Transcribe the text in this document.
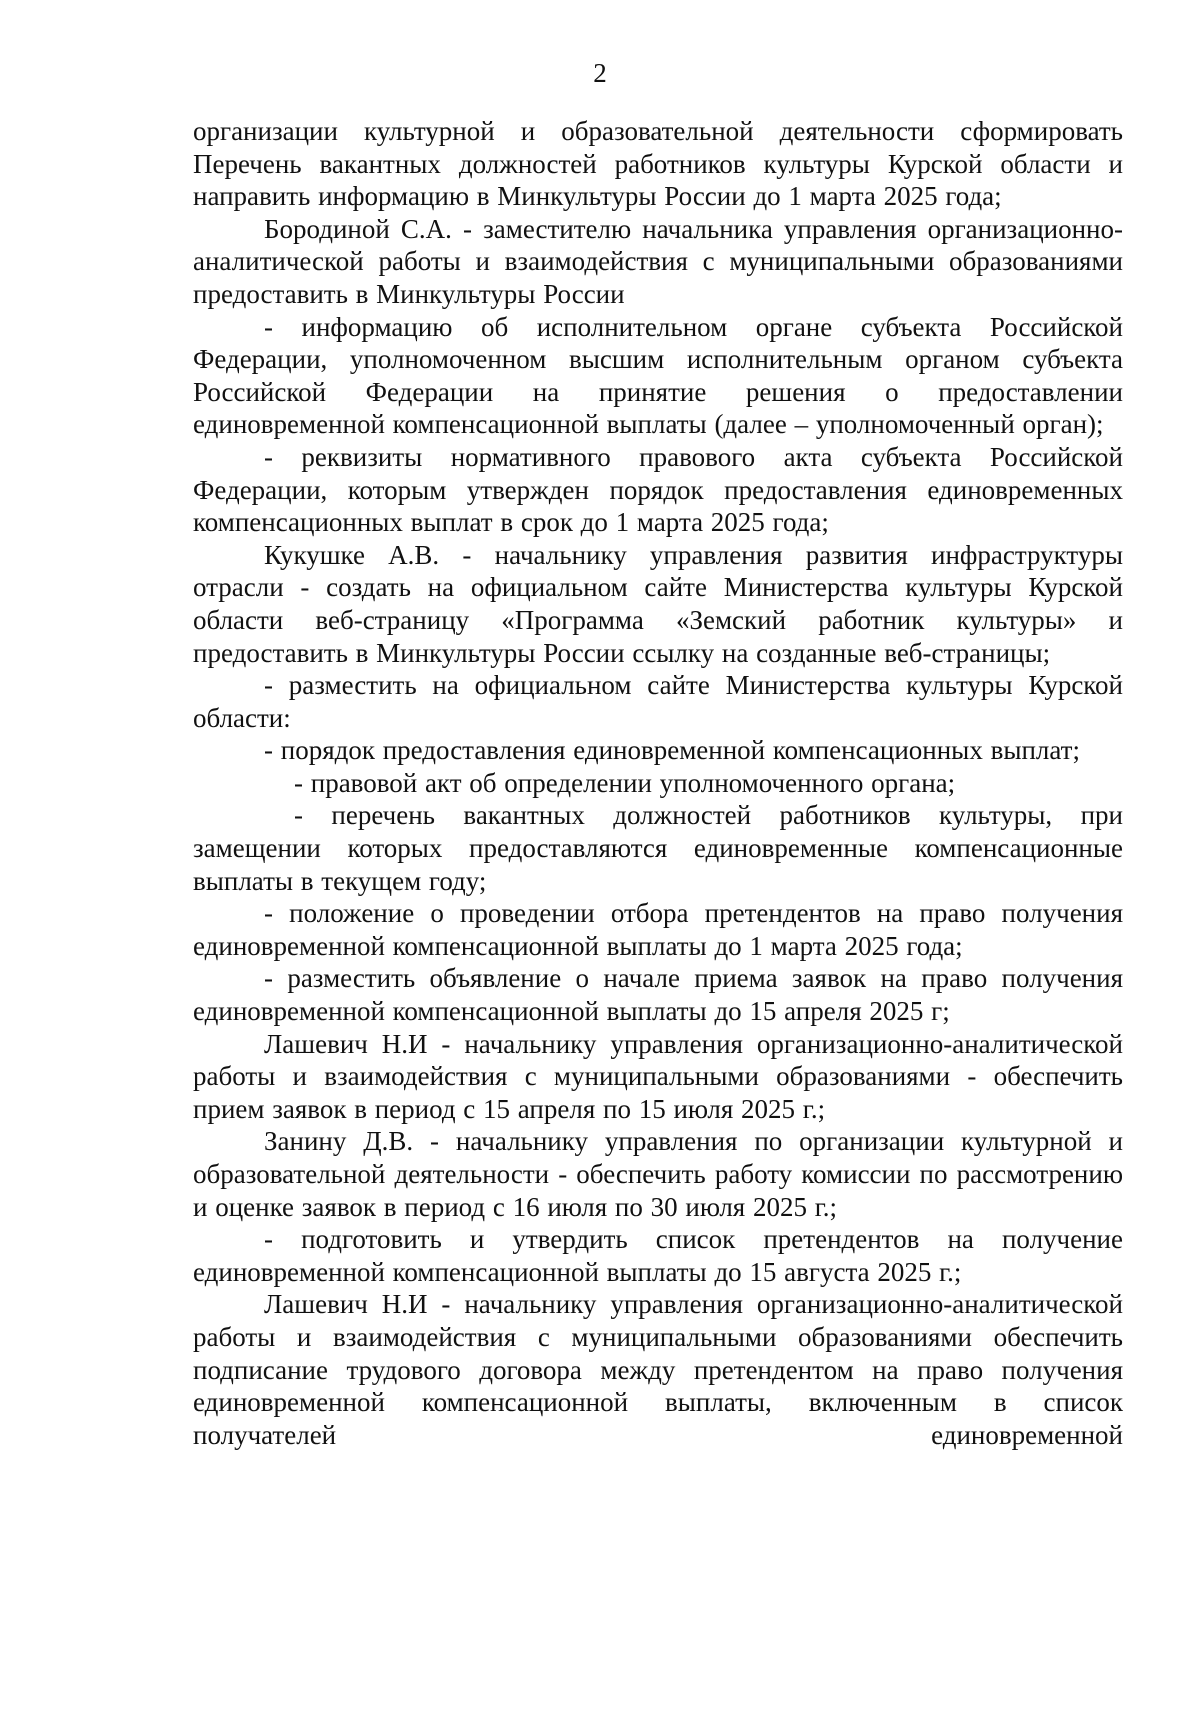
2

организации культурной и образовательной деятельности сформировать Перечень вакантных должностей работников культуры Курской области и направить информацию в Минкультуры России до 1 марта 2025 года;

Бородиной С.А. - заместителю начальника управления организационно-аналитической работы и взаимодействия с муниципальными образованиями предоставить в Минкультуры России

- информацию об исполнительном органе субъекта Российской Федерации, уполномоченном высшим исполнительным органом субъекта Российской Федерации на принятие решения о предоставлении единовременной компенсационной выплаты (далее – уполномоченный орган);

- реквизиты нормативного правового акта субъекта Российской Федерации, которым утвержден порядок предоставления единовременных компенсационных выплат в срок до 1 марта 2025 года;

Кукушке А.В. - начальнику управления развития инфраструктуры отрасли - создать на официальном сайте Министерства культуры Курской области веб-страницу «Программа «Земский работник культуры» и предоставить в Минкультуры России ссылку на созданные веб-страницы;

- разместить на официальном сайте Министерства культуры Курской области:

- порядок предоставления единовременной компенсационных выплат;

- правовой акт об определении уполномоченного органа;

- перечень вакантных должностей работников культуры, при замещении которых предоставляются единовременные компенсационные выплаты в текущем году;

- положение о проведении отбора претендентов на право получения единовременной компенсационной выплаты до 1 марта 2025 года;

- разместить объявление о начале приема заявок на право получения единовременной компенсационной выплаты до 15 апреля 2025 г;

Лашевич Н.И - начальнику управления организационно-аналитической работы и взаимодействия с муниципальными образованиями - обеспечить прием заявок в период с 15 апреля по 15 июля 2025 г.;

Занину Д.В. - начальнику управления по организации культурной и образовательной деятельности - обеспечить работу комиссии по рассмотрению и оценке заявок в период с 16 июля по 30 июля 2025 г.;

- подготовить и утвердить список претендентов на получение единовременной компенсационной выплаты до 15 августа 2025 г.;

Лашевич Н.И - начальнику управления организационно-аналитической работы и взаимодействия с муниципальными образованиями обеспечить подписание трудового договора между претендентом на право получения единовременной компенсационной выплаты, включенным в список получателей единовременной
